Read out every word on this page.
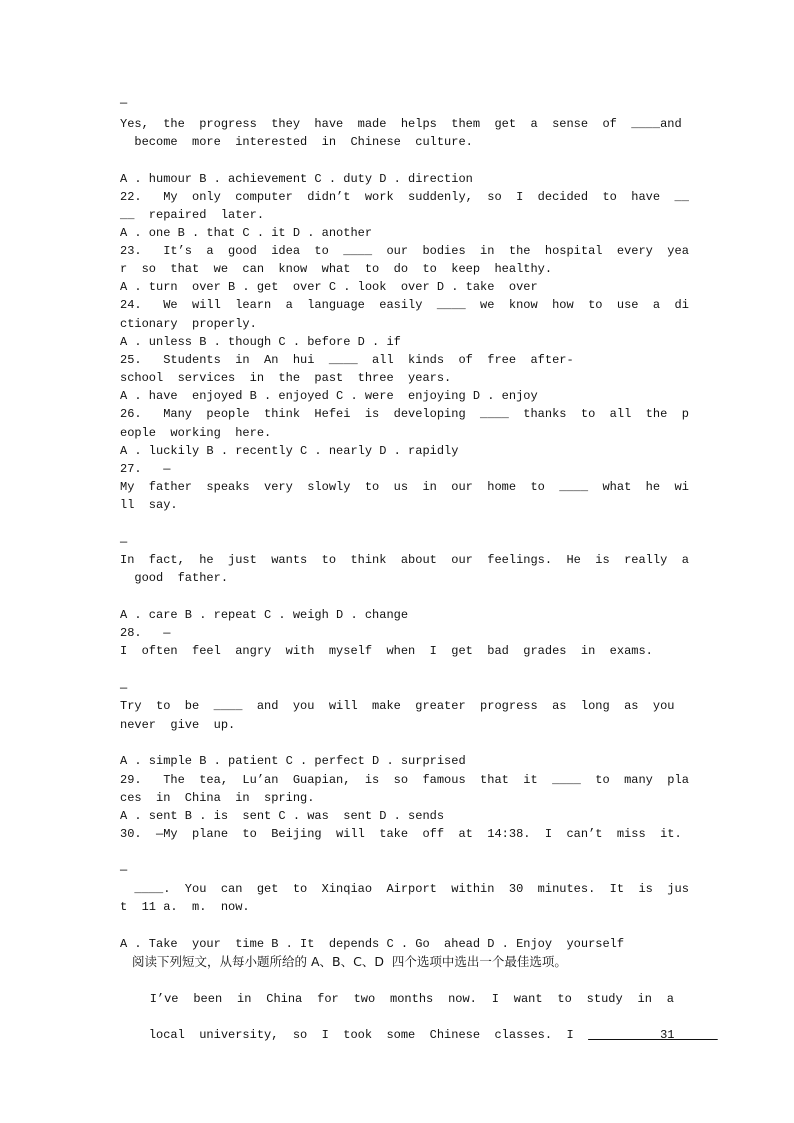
—
Yes,  the  progress  they  have  made  helps  them  get  a  sense  of  ____and
become  more  interested  in  Chinese  culture.
A . humour B . achievement C . duty D . direction
22.   My  only  computer  didn’t  work  suddenly,  so  I  decided  to  have  __
__  repaired  later.
A . one B . that C . it D . another
23.   It’s  a  good  idea  to  ____  our  bodies  in  the  hospital  every  yea
r  so  that  we  can  know  what  to  do  to  keep  healthy.
A . turn  over B . get  over C . look  over D . take  over
24.   We  will  learn  a  language  easily  ____  we  know  how  to  use  a  di
ctionary  properly.
A . unless B . though C . before D . if
25.   Students  in  An  hui  ____  all  kinds  of  free  after-
school  services  in  the  past  three  years.
A . have  enjoyed B . enjoyed C . were  enjoying D . enjoy
26.   Many  people  think  Hefei  is  developing  ____  thanks  to  all  the  p
eople  working  here.
A . luckily B . recently C . nearly D . rapidly
27.   —
My  father  speaks  very  slowly  to  us  in  our  home  to  ____  what  he  wi
ll  say.
—
In  fact,  he  just  wants  to  think  about  our  feelings.  He  is  really  a
good  father.
A . care B . repeat C . weigh D . change
28.   —
I  often  feel  angry  with  myself  when  I  get  bad  grades  in  exams.
—
Try  to  be  ____  and  you  will  make  greater  progress  as  long  as  you
never  give  up.
A . simple B . patient C . perfect D . surprised
29.   The  tea,  Lu’an  Guapian,  is  so  famous  that  it  ____  to  many  pla
ces  in  China  in  spring.
A . sent B . is  sent C . was  sent D . sends
30.  —My  plane  to  Beijing  will  take  off  at  14:38.  I  can’t  miss  it.
—
____.  You  can  get  to  Xinqiao  Airport  within  30  minutes.  It  is  jus
t  11 a.  m.  now.
A . Take  your  time B . It  depends C . Go  ahead D . Enjoy  yourself
阅读下列短文，从每小题所给的 A、B、C、D  四个选项中选出一个最佳选项。
I’ve  been  in  China  for  two  months  now.  I  want  to  study  in  a

local  university,  so  I  took  some  Chinese  classes.  I            31
